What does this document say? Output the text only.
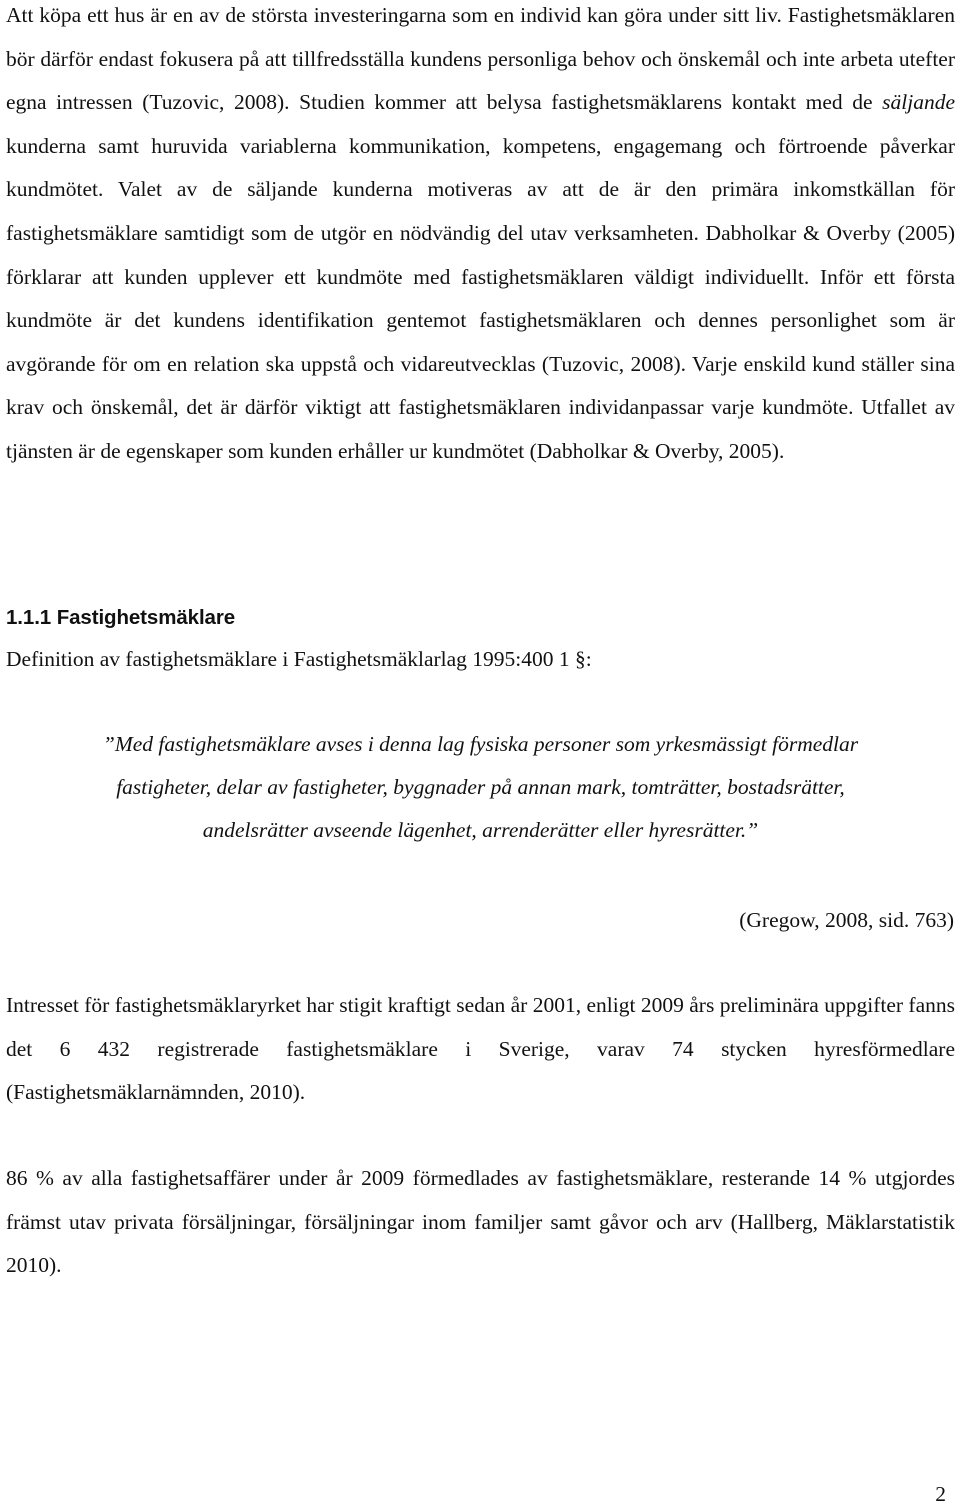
Att köpa ett hus är en av de största investeringarna som en individ kan göra under sitt liv. Fastighetsmäklaren bör därför endast fokusera på att tillfredsställa kundens personliga behov och önskemål och inte arbeta utefter egna intressen (Tuzovic, 2008). Studien kommer att belysa fastighetsmäklarens kontakt med de säljande kunderna samt huruvida variablerna kommunikation, kompetens, engagemang och förtroende påverkar kundmötet. Valet av de säljande kunderna motiveras av att de är den primära inkomstkällan för fastighetsmäklare samtidigt som de utgör en nödvändig del utav verksamheten. Dabholkar & Overby (2005) förklarar att kunden upplever ett kundmöte med fastighetsmäklaren väldigt individuellt. Inför ett första kundmöte är det kundens identifikation gentemot fastighetsmäklaren och dennes personlighet som är avgörande för om en relation ska uppstå och vidareutvecklas (Tuzovic, 2008). Varje enskild kund ställer sina krav och önskemål, det är därför viktigt att fastighetsmäklaren individanpassar varje kundmöte. Utfallet av tjänsten är de egenskaper som kunden erhåller ur kundmötet (Dabholkar & Overby, 2005).

1.1.1 Fastighetsmäklare

Definition av fastighetsmäklare i Fastighetsmäklarlag 1995:400 1 §:

”Med fastighetsmäklare avses i denna lag fysiska personer som yrkesmässigt förmedlar
fastigheter, delar av fastigheter, byggnader på annan mark, tomträtter, bostadsrätter,
andelsrätter avseende lägenhet, arrenderätter eller hyresrätter.”

(Gregow, 2008, sid. 763)

Intresset för fastighetsmäklaryrket har stigit kraftigt sedan år 2001, enligt 2009 års preliminära uppgifter fanns det 6 432 registrerade fastighetsmäklare i Sverige, varav 74 stycken hyresförmedlare (Fastighetsmäklarnämnden, 2010).

86 % av alla fastighetsaffärer under år 2009 förmedlades av fastighetsmäklare, resterande 14 % utgjordes främst utav privata försäljningar, försäljningar inom familjer samt gåvor och arv (Hallberg, Mäklarstatistik 2010).

2
